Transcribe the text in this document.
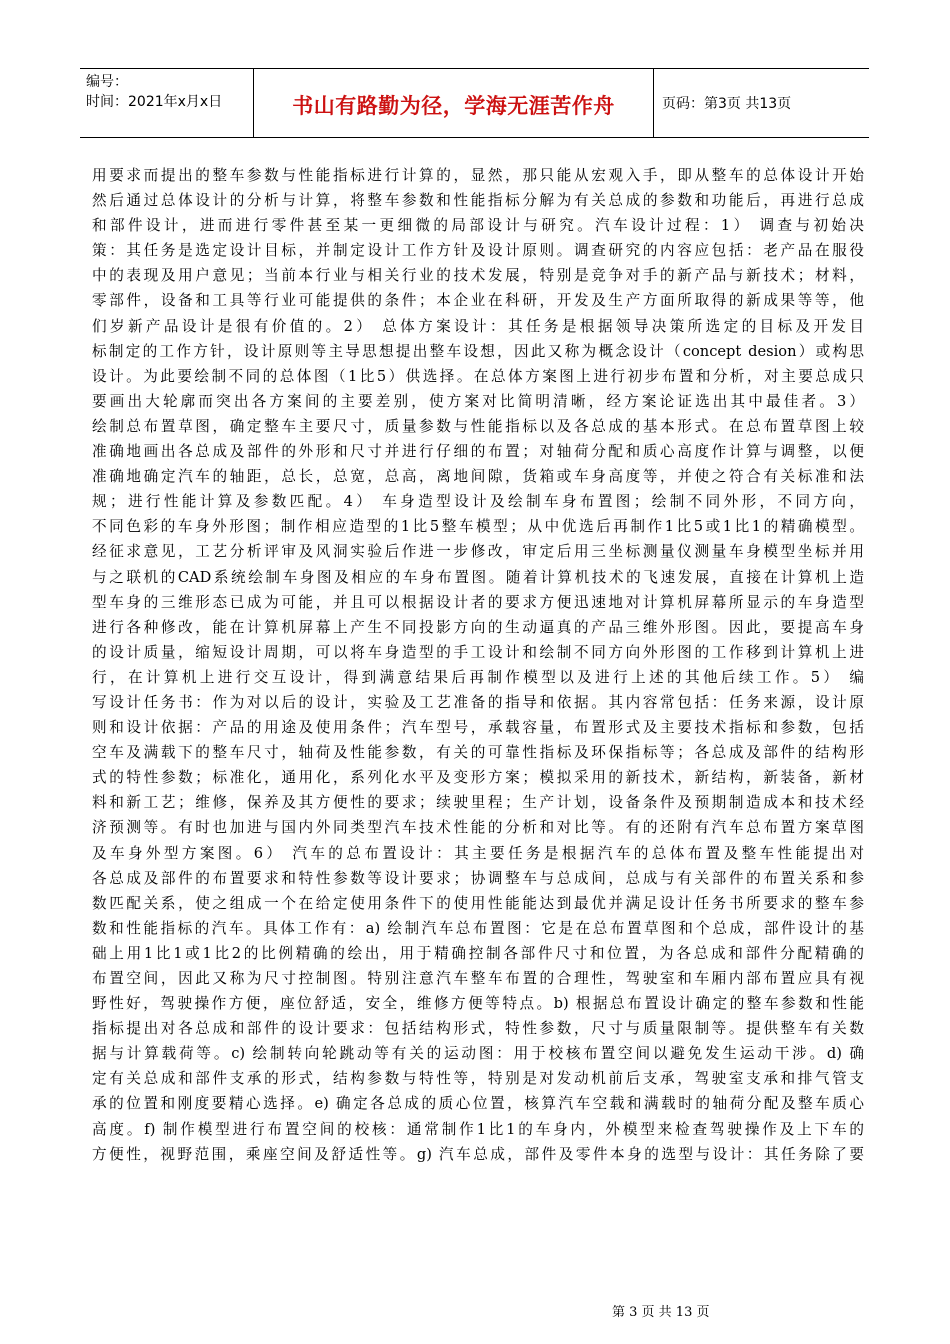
编号：
时间：2021年x月x日	书山有路勤为径，学海无涯苦作舟	页码：第3页 共13页
用要求而提出的整车参数与性能指标进行计算的，显然，那只能从宏观入手，即从整车的总体设计开始
然后通过总体设计的分析与计算，将整车参数和性能指标分解为有关总成的参数和功能后，再进行总成
和部件设计，进而进行零件甚至某一更细微的局部设计与研究。汽车设计过程：1） 调查与初始决
策：其任务是选定设计目标，并制定设计工作方针及设计原则。调查研究的内容应包括：老产品在服役
中的表现及用户意见；当前本行业与相关行业的技术发展，特别是竞争对手的新产品与新技术；材料，
零部件，设备和工具等行业可能提供的条件；本企业在科研，开发及生产方面所取得的新成果等等，他
们岁新产品设计是很有价值的。2） 总体方案设计：其任务是根据领导决策所选定的目标及开发目
标制定的工作方针，设计原则等主导思想提出整车设想，因此又称为概念设计（concept desion）或构思
设计。为此要绘制不同的总体图（1比5）供选择。在总体方案图上进行初步布置和分析，对主要总成只
要画出大轮廓而突出各方案间的主要差别，使方案对比简明清晰，经方案论证选出其中最佳者。3）
绘制总布置草图，确定整车主要尺寸，质量参数与性能指标以及各总成的基本形式。在总布置草图上较
准确地画出各总成及部件的外形和尺寸并进行仔细的布置；对轴荷分配和质心高度作计算与调整，以便
准确地确定汽车的轴距，总长，总宽，总高，离地间隙，货箱或车身高度等，并使之符合有关标准和法
规；进行性能计算及参数匹配。4） 车身造型设计及绘制车身布置图；绘制不同外形，不同方向，
不同色彩的车身外形图；制作相应造型的1比5整车模型；从中优选后再制作1比5或1比1的精确模型。
经征求意见，工艺分析评审及风洞实验后作进一步修改，审定后用三坐标测量仪测量车身模型坐标并用
与之联机的CAD系统绘制车身图及相应的车身布置图。随着计算机技术的飞速发展，直接在计算机上造
型车身的三维形态已成为可能，并且可以根据设计者的要求方便迅速地对计算机屏幕所显示的车身造型
进行各种修改，能在计算机屏幕上产生不同投影方向的生动逼真的产品三维外形图。因此，要提高车身
的设计质量，缩短设计周期，可以将车身造型的手工设计和绘制不同方向外形图的工作移到计算机上进
行，在计算机上进行交互设计，得到满意结果后再制作模型以及进行上述的其他后续工作。5） 编
写设计任务书：作为对以后的设计，实验及工艺准备的指导和依据。其内容常包括：任务来源，设计原
则和设计依据：产品的用途及使用条件；汽车型号，承载容量，布置形式及主要技术指标和参数，包括
空车及满载下的整车尺寸，轴荷及性能参数，有关的可靠性指标及环保指标等；各总成及部件的结构形
式的特性参数；标准化，通用化，系列化水平及变形方案；模拟采用的新技术，新结构，新装备，新材
料和新工艺；维修，保养及其方便性的要求；续驶里程；生产计划，设备条件及预期制造成本和技术经
济预测等。有时也加进与国内外同类型汽车技术性能的分析和对比等。有的还附有汽车总布置方案草图
及车身外型方案图。6） 汽车的总布置设计：其主要任务是根据汽车的总体布置及整车性能提出对
各总成及部件的布置要求和特性参数等设计要求；协调整车与总成间，总成与有关部件的布置关系和参
数匹配关系，使之组成一个在给定使用条件下的使用性能能达到最优并满足设计任务书所要求的整车参
数和性能指标的汽车。具体工作有：a) 绘制汽车总布置图：它是在总布置草图和个总成，部件设计的基
础上用1比1或1比2的比例精确的绘出，用于精确控制各部件尺寸和位置，为各总成和部件分配精确的
布置空间，因此又称为尺寸控制图。特别注意汽车整车布置的合理性，驾驶室和车厢内部布置应具有视
野性好，驾驶操作方便，座位舒适，安全，维修方便等特点。b) 根据总布置设计确定的整车参数和性能
指标提出对各总成和部件的设计要求：包括结构形式，特性参数，尺寸与质量限制等。提供整车有关数
据与计算载荷等。c) 绘制转向轮跳动等有关的运动图：用于校核布置空间以避免发生运动干涉。d) 确
定有关总成和部件支承的形式，结构参数与特性等，特别是对发动机前后支承，驾驶室支承和排气管支
承的位置和刚度要精心选择。e) 确定各总成的质心位置，核算汽车空载和满载时的轴荷分配及整车质心
高度。f) 制作模型进行布置空间的校核：通常制作1比1的车身内，外模型来检查驾驶操作及上下车的
方便性，视野范围，乘座空间及舒适性等。g) 汽车总成，部件及零件本身的选型与设计：其任务除了要
第 3 页 共 13 页
